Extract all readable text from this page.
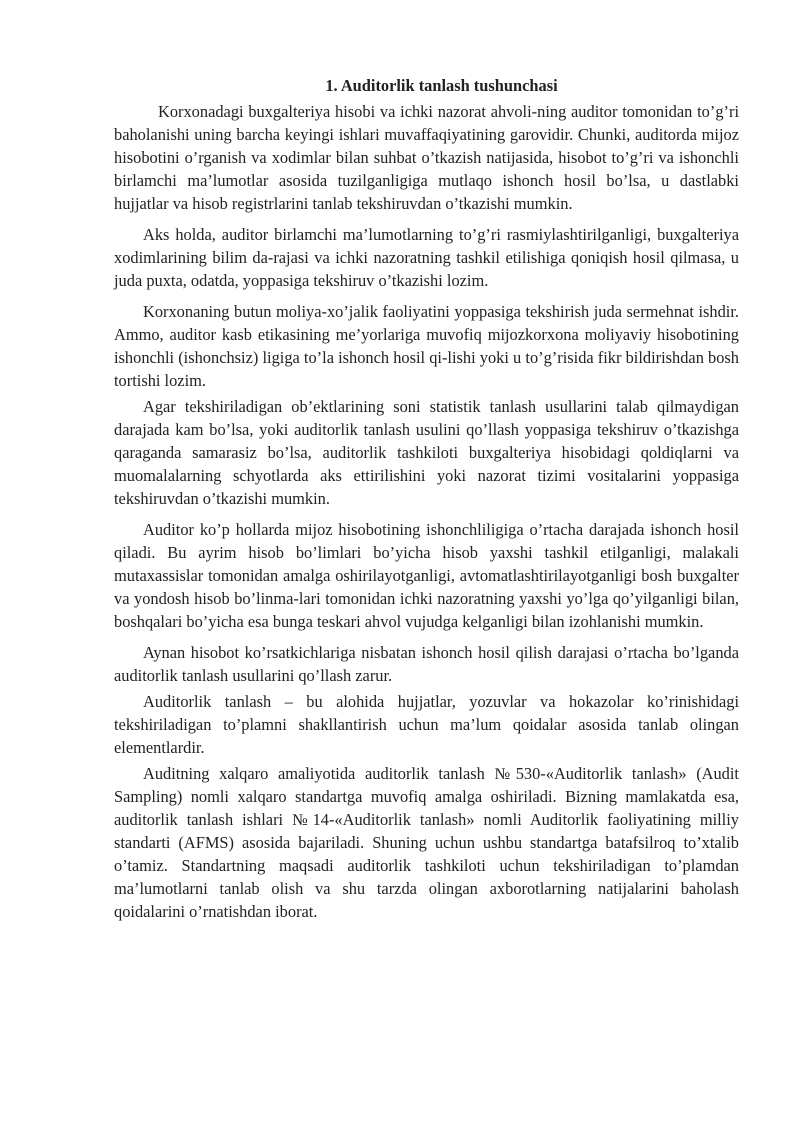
1. Auditorlik tanlash tushunchasi

Korxonadagi buxgalteriya hisobi va ichki nazorat ahvoli-ning auditor tomonidan to’g’ri baholanishi uning barcha keyingi ishlari muvaffaqiyatining garovidir. Chunki, auditorda mijoz hisobotini o’rganish va xodimlar bilan suhbat o’tkazish natijasida, hisobot to’g’ri va ishonchli birlamchi ma’lumotlar asosida tuzilganligiga mutlaqo ishonch hosil bo’lsa, u dastlabki hujjatlar va hisob registrlarini tanlab tekshiruvdan o’tkazishi mumkin.

Aks holda, auditor birlamchi ma’lumotlarning to’g’ri rasmiylashtirilganligi, buxgalteriya xodimlarining bilim da-rajasi va ichki nazoratning tashkil etilishiga qoniqish hosil qilmasa, u juda puxta, odatda, yoppasiga tekshiruv o’tkazishi lozim.

Korxonaning butun moliya-xo’jalik faoliyatini yoppasiga tekshirish juda sermehnat ishdir. Ammo, auditor kasb etikasining me’yorlariga muvofiq mijozkorxona moliyaviy hisobotining ishonchli (ishonchsiz) ligiga to’la ishonch hosil qi-lishi yoki u to’g’risida fikr bildirishdan bosh tortishi lozim.

Agar tekshiriladigan ob’ektlarining soni statistik tanlash usullarini talab qilmaydigan darajada kam bo’lsa, yoki auditorlik tanlash usulini qo’llash yoppasiga tekshiruv o’tkazishga qaraganda samarasiz bo’lsa, auditorlik tashkiloti buxgalteriya hisobidagi qoldiqlarni va muomalalarning schyotlarda aks ettirilishini yoki nazorat tizimi vositalarini yoppasiga tekshiruvdan o’tkazishi mumkin.

Auditor ko’p hollarda mijoz hisobotining ishonchliligiga o’rtacha darajada ishonch hosil qiladi. Bu ayrim hisob bo’limlari bo’yicha hisob yaxshi tashkil etilganligi, malakali mutaxassislar tomonidan amalga oshirilayotganligi, avtomatlashtirilayotganligi bosh buxgalter va yondosh hisob bo’linma-lari tomonidan ichki nazoratning yaxshi yo’lga qo’yilganligi bilan, boshqalari bo’yicha esa bunga teskari ahvol vujudga kelganligi bilan izohlanishi mumkin.

Aynan hisobot ko’rsatkichlariga nisbatan ishonch hosil qilish darajasi o’rtacha bo’lganda auditorlik tanlash usullarini qo’llash zarur.

Auditorlik tanlash – bu alohida hujjatlar, yozuvlar va hokazolar ko’rinishidagi tekshiriladigan to’plamni shakllantirish uchun ma’lum qoidalar asosida tanlab olingan elementlardir.

Auditning xalqaro amaliyotida auditorlik tanlash №530-«Auditorlik tanlash» (Audit Sampling) nomli xalqaro standartga muvofiq amalga oshiriladi. Bizning mamlakatda esa, auditorlik tanlash ishlari №14-«Auditorlik tanlash» nomli Auditorlik faoliyatining milliy standarti (AFMS) asosida bajariladi. Shuning uchun ushbu standartga batafsilroq to’xtalib o’tamiz. Standartning maqsadi auditorlik tashkiloti uchun tekshiriladigan to’plamdan ma’lumotlarni tanlab olish va shu tarzda olingan axborotlarning natijalarini baholash qoidalarini o’rnatishdan iborat.
